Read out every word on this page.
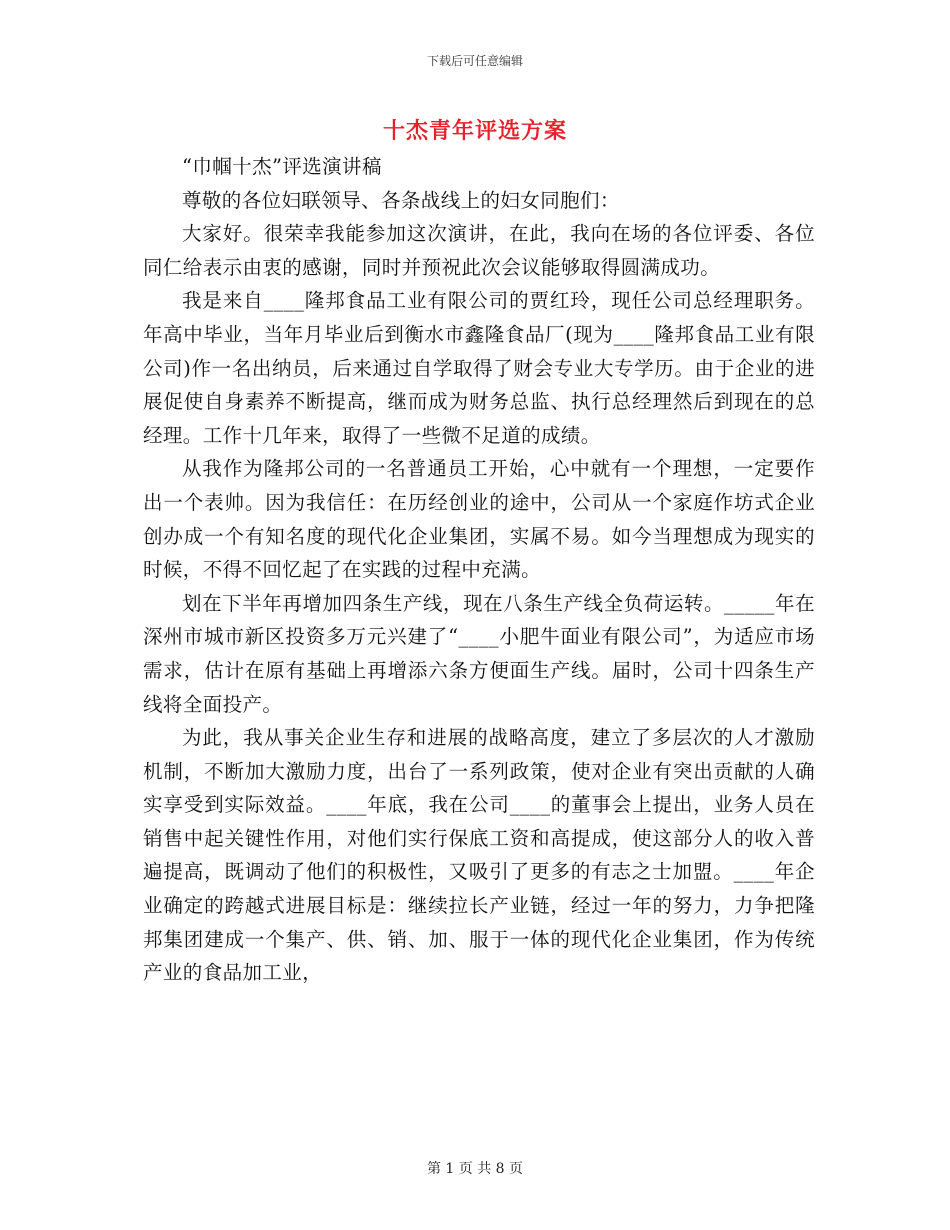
下载后可任意编辑
十杰青年评选方案

“巾帼十杰”评选演讲稿

尊敬的各位妇联领导、各条战线上的妇女同胞们：

大家好。很荣幸我能参加这次演讲，在此，我向在场的各位评委、各位同仁给表示由衷的感谢，同时并预祝此次会议能够取得圆满成功。

我是来自____隆邦食品工业有限公司的贾红玲，现任公司总经理职务。年高中毕业，当年月毕业后到衡水市鑫隆食品厂(现为____隆邦食品工业有限公司)作一名出纳员，后来通过自学取得了财会专业大专学历。由于企业的进展促使自身素养不断提高，继而成为财务总监、执行总经理然后到现在的总经理。工作十几年来，取得了一些微不足道的成绩。

从我作为隆邦公司的一名普通员工开始，心中就有一个理想，一定要作出一个表帅。因为我信任：在历经创业的途中，公司从一个家庭作坊式企业创办成一个有知名度的现代化企业集团，实属不易。如今当理想成为现实的时候，不得不回忆起了在实践的过程中充满。

划在下半年再增加四条生产线，现在八条生产线全负荷运转。_____年在深州市城市新区投资多万元兴建了“____小肥牛面业有限公司”，为适应市场需求，估计在原有基础上再增添六条方便面生产线。届时，公司十四条生产线将全面投产。

为此，我从事关企业生存和进展的战略高度，建立了多层次的人才激励机制，不断加大激励力度，出台了一系列政策，使对企业有突出贡献的人确实享受到实际效益。____年底，我在公司____的董事会上提出，业务人员在销售中起关键性作用，对他们实行保底工资和高提成，使这部分人的收入普遍提高，既调动了他们的积极性，又吸引了更多的有志之士加盟。____年企业确定的跨越式进展目标是：继续拉长产业链，经过一年的努力，力争把隆邦集团建成一个集产、供、销、加、服于一体的现代化企业集团，作为传统产业的食品加工业，

第 1 页 共 8 页
